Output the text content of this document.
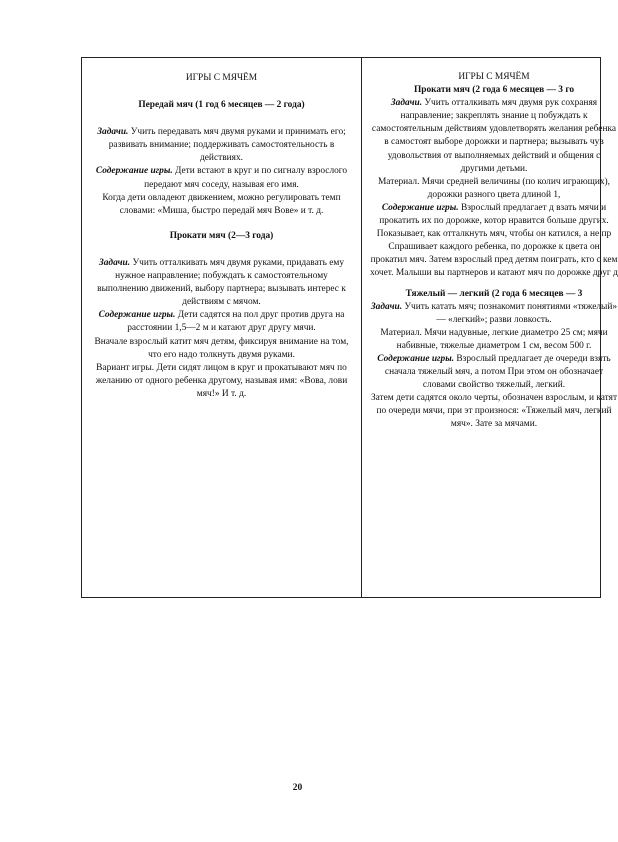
ИГРЫ С МЯЧЁМ

Передай мяч (1 год 6 месяцев — 2 года)

Задачи. Учить передавать мяч двумя руками и принимать его; развивать внимание; поддерживать самостоятельность в действиях.

Содержание игры. Дети встают в круг и по сигналу взрослого передают мяч соседу, называя его имя.

Когда дети овладеют движением, можно регулировать темп словами: «Миша, быстро передай мяч Вове» и т. д.

Прокати мяч (2—3 года)

Задачи. Учить отталкивать мяч двумя руками, придавать ему нужное направление; побуждать к самостоятельному выполнению движений, выбору партнера; вызывать интерес к действиям с мячом.

Содержание игры. Дети садятся на пол друг против друга на расстоянии 1,5—2 м и катают друг другу мячи.

Вначале взрослый катит мяч детям, фиксируя внимание на том, что его надо толкнуть двумя руками.

Вариант игры. Дети сидят лицом в круг и прокатывают мяч по желанию от одного ребенка другому, называя имя: «Вова, лови мяч!» И т. д.

ИГРЫ С МЯЧЁМ

Прокати мяч (2 года 6 месяцев — 3 го

Задачи. Учить отталкивать мяч двумя рук сохраняя направление; закреплять знание ц побуждать к самостоятельным действиям удовлетворять желания ребенка в самостоят выборе дорожки и партнера; вызывать чув удовольствия от выполняемых действий и общения с другими детьми.

Материал. Мячи средней величины (по колич играющих), дорожки разного цвета длиной 1,

Содержание игры. Взрослый предлагает д взать мячи и прокатить их по дорожке, котор нравится больше других. Показывает, как отталкнуть мяч, чтобы он катился, а не пр Спрашивает каждого ребенка, по дорожке к цвета он прокатил мяч. Затем взрослый пред детям поиграть, кто с кем хочет. Малыши вы партнеров и катают мяч по дорожке друг д

Тяжелый — легкий (2 года 6 месяцев — 3

Задачи. Учить катать мяч; познакомит понятиями «тяжелый» — «легкий»; разви ловкость.

Материал. Мячи надувные, легкие диаметро 25 см; мячи набивные, тяжелые диаметром 1 см, весом 500 г.

Содержание игры. Взрослый предлагает де очереди взять сначала тяжелый мяч, а потом При этом он обозначает словами свойство тяжелый, легкий.

Затем дети садятся около черты, обозначен взрослым, и катят по очереди мячи, при эт произнося: «Тяжелый мяч, легкий мяч». Зате за мячами.

20
